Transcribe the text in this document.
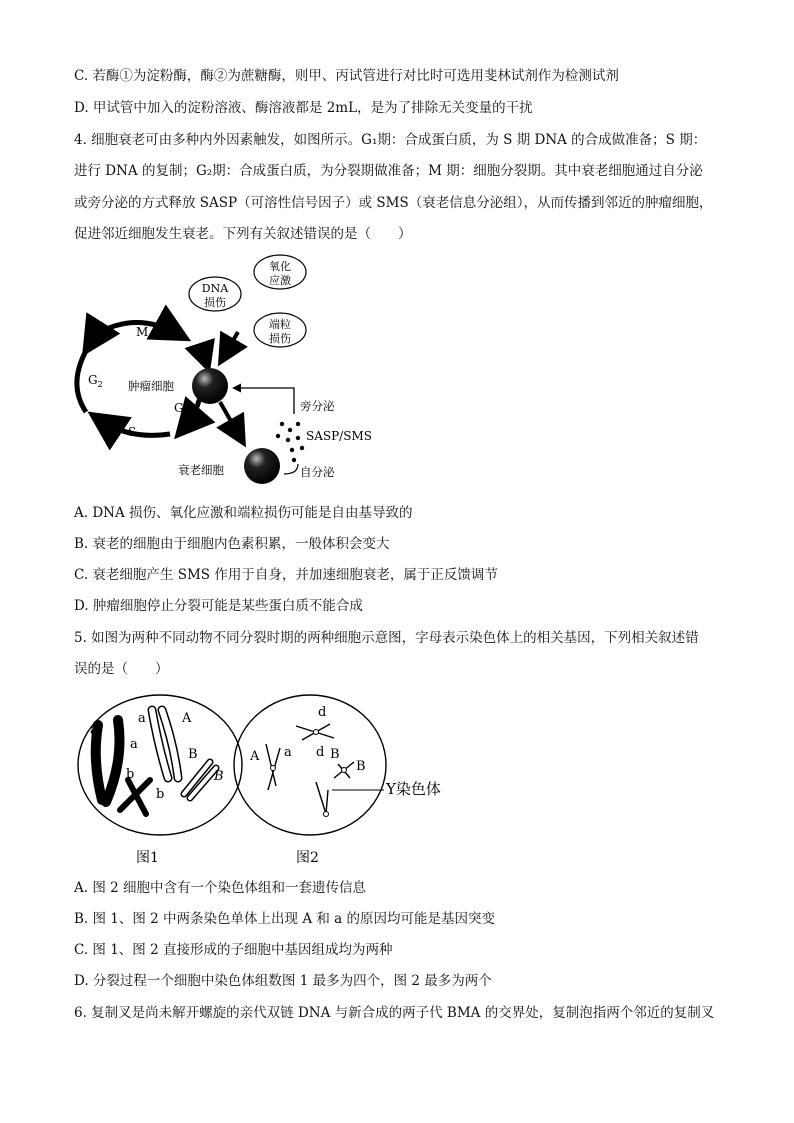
C. 若酶①为淀粉酶，酶②为蔗糖酶，则甲、丙试管进行对比时可选用斐林试剂作为检测试剂
D. 甲试管中加入的淀粉溶液、酶溶液都是 2mL，是为了排除无关变量的干扰
4. 细胞衰老可由多种内外因素触发，如图所示。G₁期：合成蛋白质，为 S 期 DNA 的合成做准备；S 期：
进行 DNA 的复制；G₂期：合成蛋白质，为分裂期做准备；M 期：细胞分裂期。其中衰老细胞通过自分泌
或旁分泌的方式释放 SASP（可溶性信号因子）或 SMS（衰老信息分泌组），从而传播到邻近的肿瘤细胞，
促进邻近细胞发生衰老。下列有关叙述错误的是（　　）
M
$G_2$
S
$G_1$
DNA
损伤
氧化
应激
端粒
损伤
肿瘤细胞
衰老细胞
旁分泌
SASP/SMS
自分泌
A. DNA 损伤、氧化应激和端粒损伤可能是自由基导致的
B. 衰老的细胞由于细胞内色素积累，一般体积会变大
C. 衰老细胞产生 SMS 作用于自身，并加速细胞衰老，属于正反馈调节
D. 肿瘤细胞停止分裂可能是某些蛋白质不能合成
5. 如图为两种不同动物不同分裂时期的两种细胞示意图，字母表示染色体上的相关基因，下列相关叙述错
误的是（　　）
a
a
a	A
b
b
B
B
图1
d
d
A a	B
B
Y染色体
图2
A. 图 2 细胞中含有一个染色体组和一套遗传信息
B. 图 1、图 2 中两条染色单体上出现 A 和 a 的原因均可能是基因突变
C. 图 1、图 2 直接形成的子细胞中基因组成均为两种
D. 分裂过程一个细胞中染色体组数图 1 最多为四个，图 2 最多为两个
6. 复制叉是尚未解开螺旋的亲代双链 DNA 与新合成的两子代 BMA 的交界处，复制泡指两个邻近的复制叉
